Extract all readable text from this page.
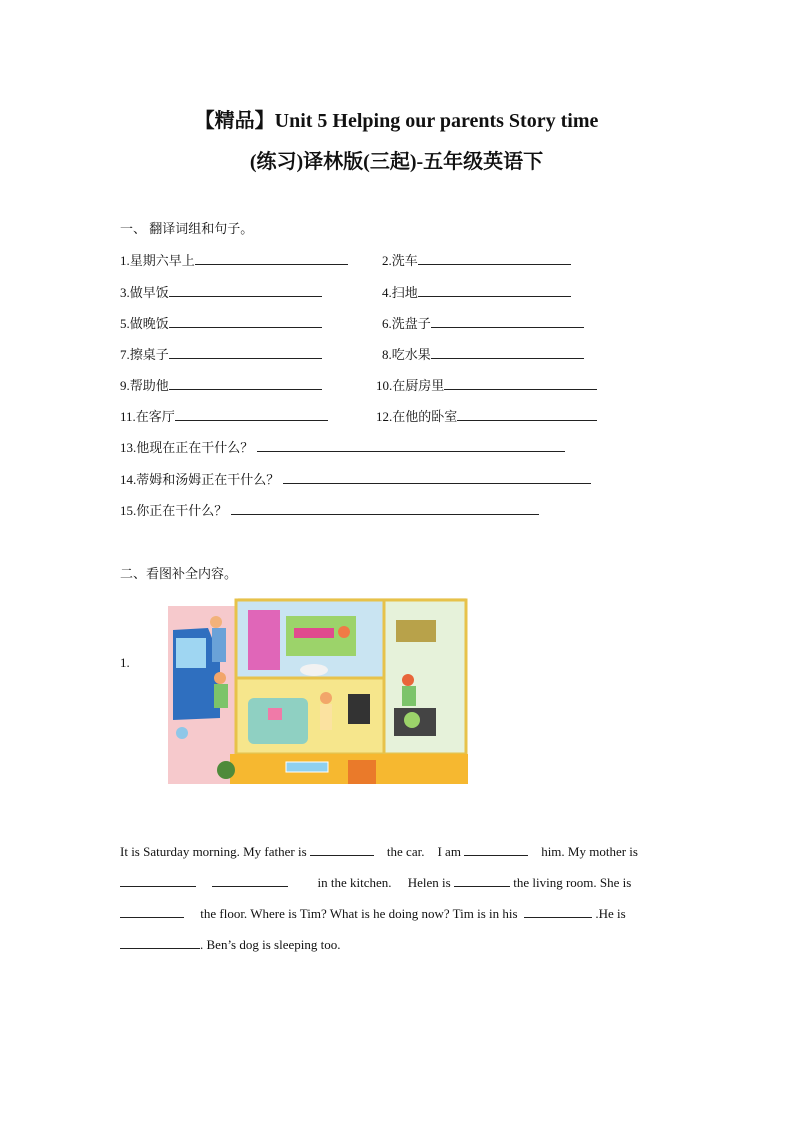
【精品】Unit 5 Helping our parents Story time
(练习)译林版(三起)-五年级英语下
一、 翻译词组和句子。
1.星期六早上	2.洗车
3.做早饭	4.扫地
5.做晚饭	6.洗盘子
7.擦桌子	8.吃水果
9.帮助他	10.在厨房里
11.在客厅	12.在他的卧室
13.他现在正在干什么？
14.蒂姆和汤姆正在干什么？
15.你正在干什么？
二、看图补全内容。
1.
It is Saturday morning. My father is	the car. I am	him. My mother is
in the kitchen. Helen is	the living room. She is
the floor. Where is Tim? What is he doing now? Tim is in his	.He is
. Ben’s dog is sleeping too.
